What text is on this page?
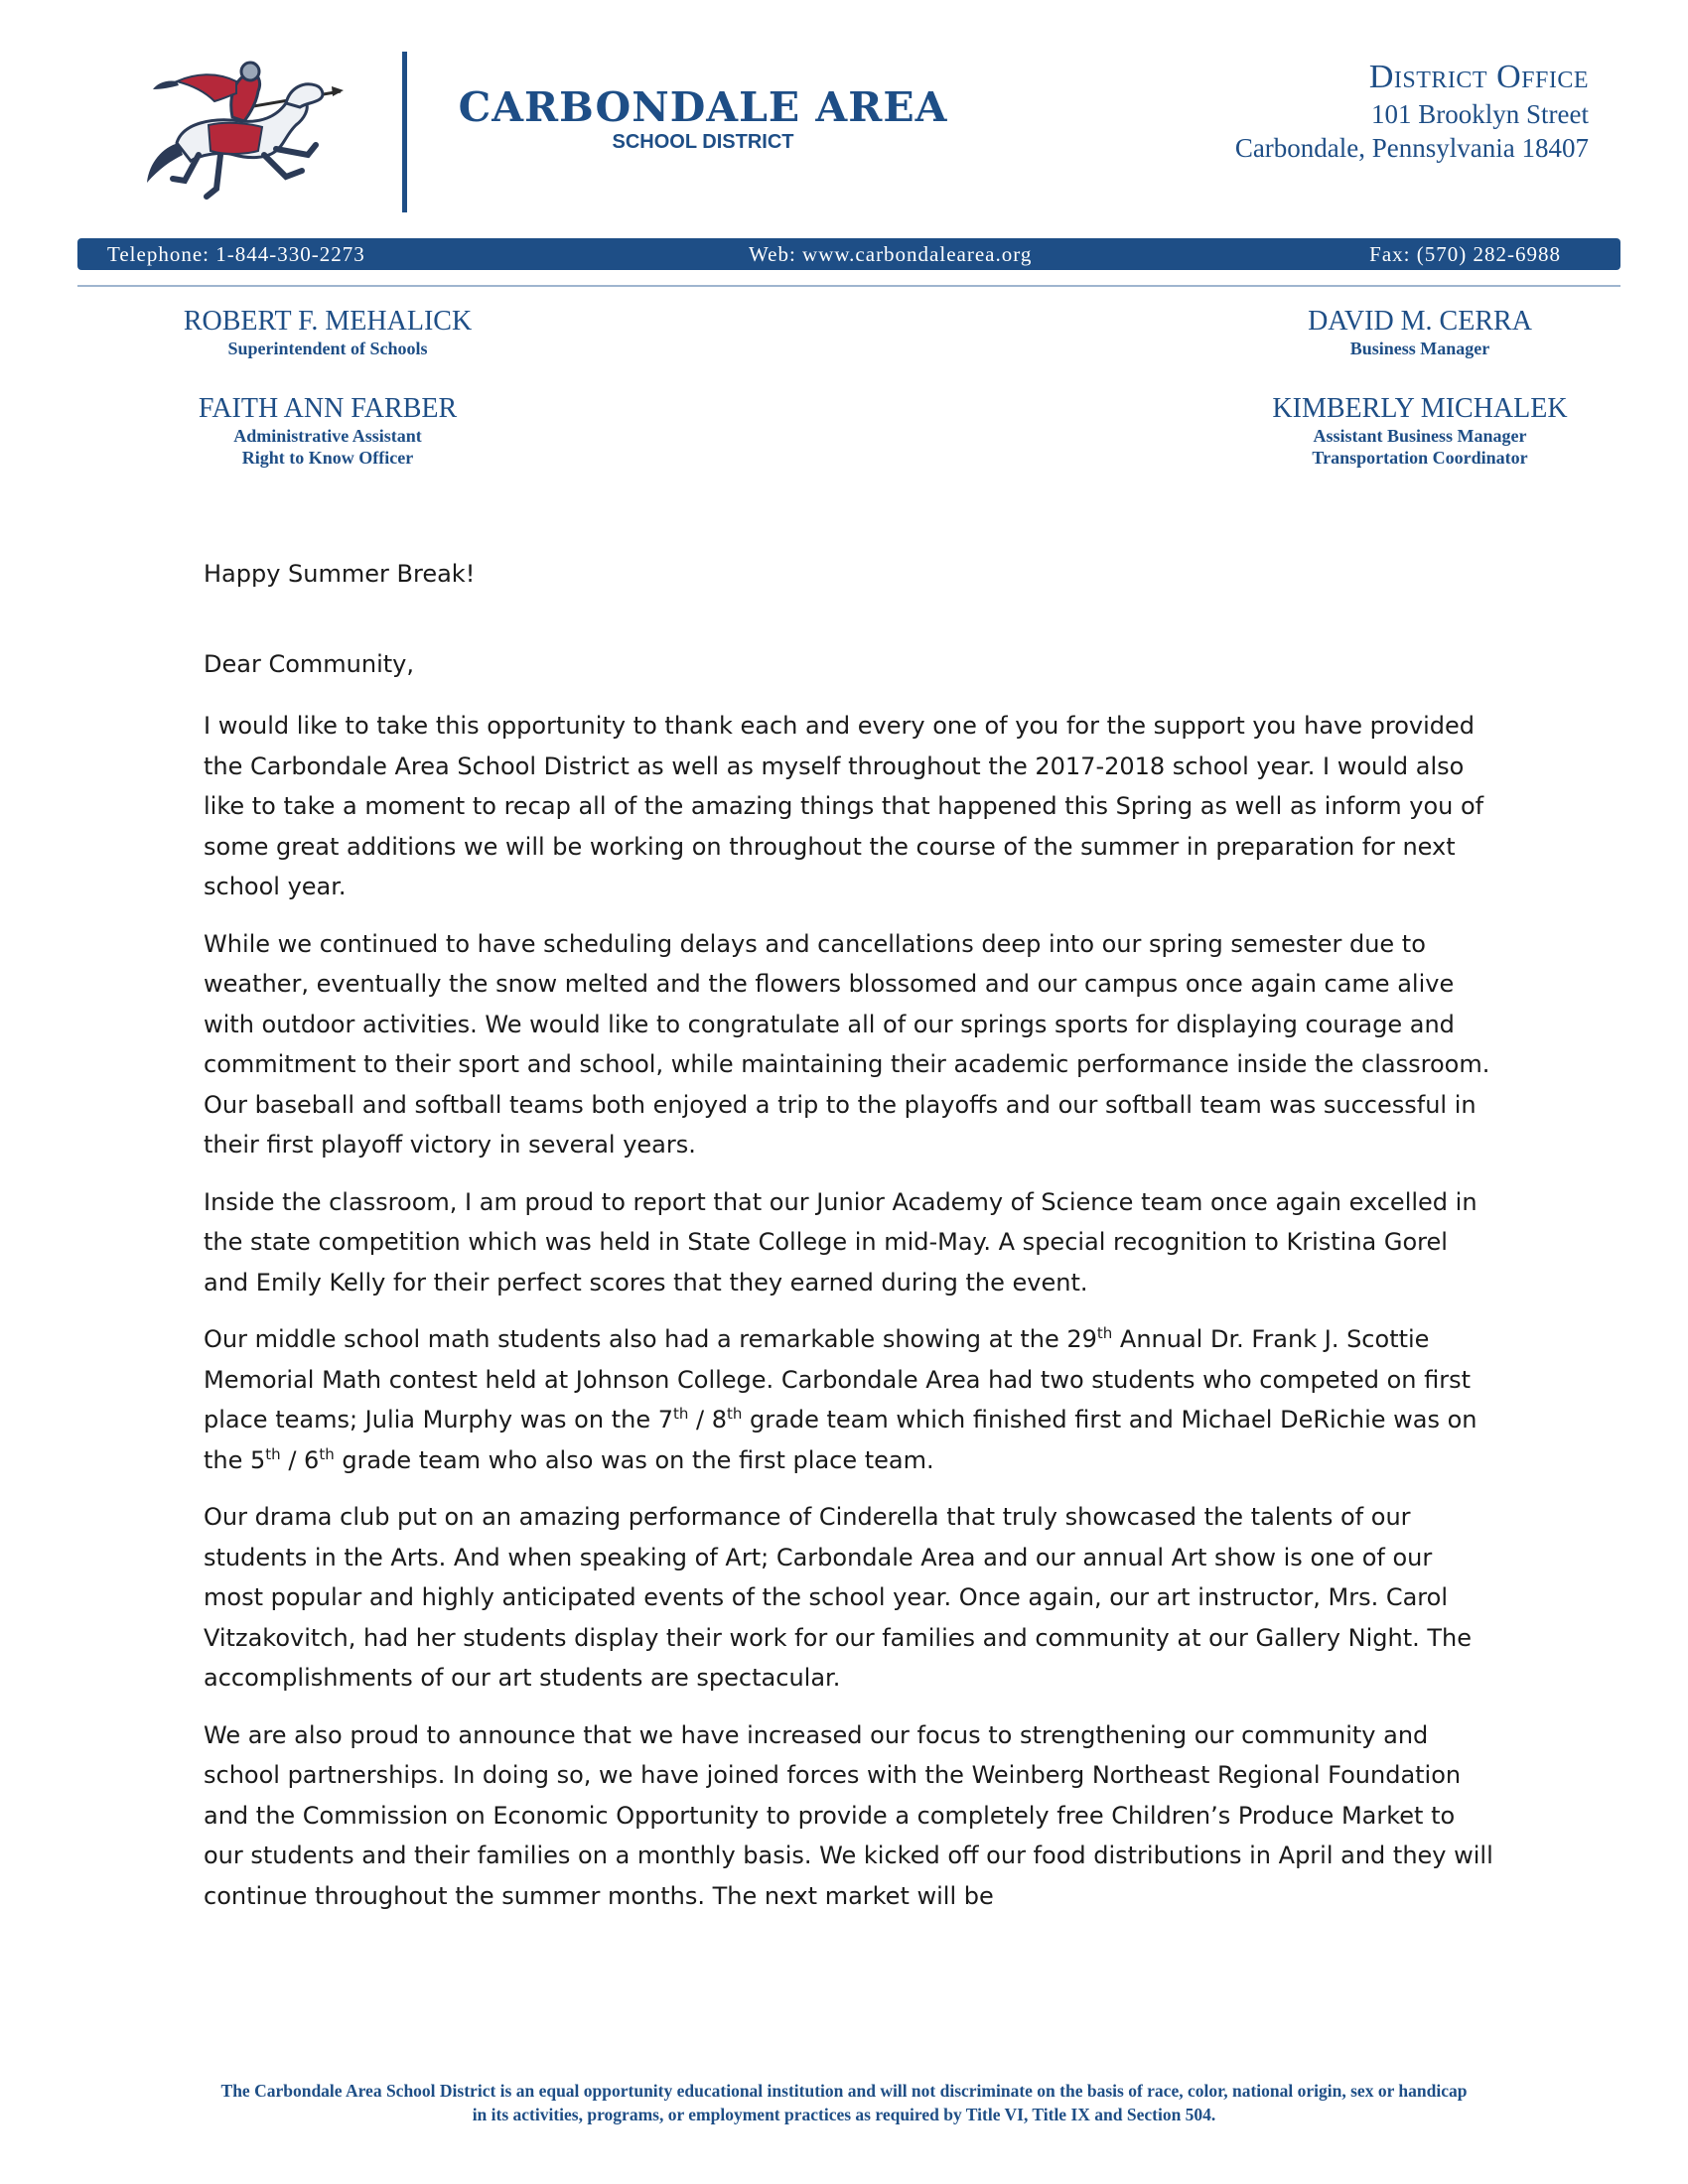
CARBONDALE AREA
SCHOOL DISTRICT
District Office
101 Brooklyn Street
Carbondale, Pennsylvania 18407
Telephone: 1-844-330-2273	Web: www.carbondalearea.org	Fax: (570) 282-6988
ROBERT F. MEHALICK
Superintendent of Schools
FAITH ANN FARBER
Administrative Assistant
Right to Know Officer
DAVID M. CERRA
Business Manager
KIMBERLY MICHALEK
Assistant Business Manager
Transportation Coordinator

Happy Summer Break!

Dear Community,

I would like to take this opportunity to thank each and every one of you for the support you have provided the Carbondale Area School District as well as myself throughout the 2017-2018 school year. I would also like to take a moment to recap all of the amazing things that happened this Spring as well as inform you of some great additions we will be working on throughout the course of the summer in preparation for next school year.

While we continued to have scheduling delays and cancellations deep into our spring semester due to weather, eventually the snow melted and the flowers blossomed and our campus once again came alive with outdoor activities. We would like to congratulate all of our springs sports for displaying courage and commitment to their sport and school, while maintaining their academic performance inside the classroom. Our baseball and softball teams both enjoyed a trip to the playoffs and our softball team was successful in their first playoff victory in several years.

Inside the classroom, I am proud to report that our Junior Academy of Science team once again excelled in the state competition which was held in State College in mid-May. A special recognition to Kristina Gorel and Emily Kelly for their perfect scores that they earned during the event.

Our middle school math students also had a remarkable showing at the 29th Annual Dr. Frank J. Scottie Memorial Math contest held at Johnson College. Carbondale Area had two students who competed on first place teams; Julia Murphy was on the 7th / 8th grade team which finished first and Michael DeRichie was on the 5th / 6th grade team who also was on the first place team.

Our drama club put on an amazing performance of Cinderella that truly showcased the talents of our students in the Arts. And when speaking of Art; Carbondale Area and our annual Art show is one of our most popular and highly anticipated events of the school year. Once again, our art instructor, Mrs. Carol Vitzakovitch, had her students display their work for our families and community at our Gallery Night. The accomplishments of our art students are spectacular.

We are also proud to announce that we have increased our focus to strengthening our community and school partnerships. In doing so, we have joined forces with the Weinberg Northeast Regional Foundation and the Commission on Economic Opportunity to provide a completely free Children’s Produce Market to our students and their families on a monthly basis. We kicked off our food distributions in April and they will continue throughout the summer months. The next market will be

The Carbondale Area School District is an equal opportunity educational institution and will not discriminate on the basis of race, color, national origin, sex or handicap
in its activities, programs, or employment practices as required by Title VI, Title IX and Section 504.
